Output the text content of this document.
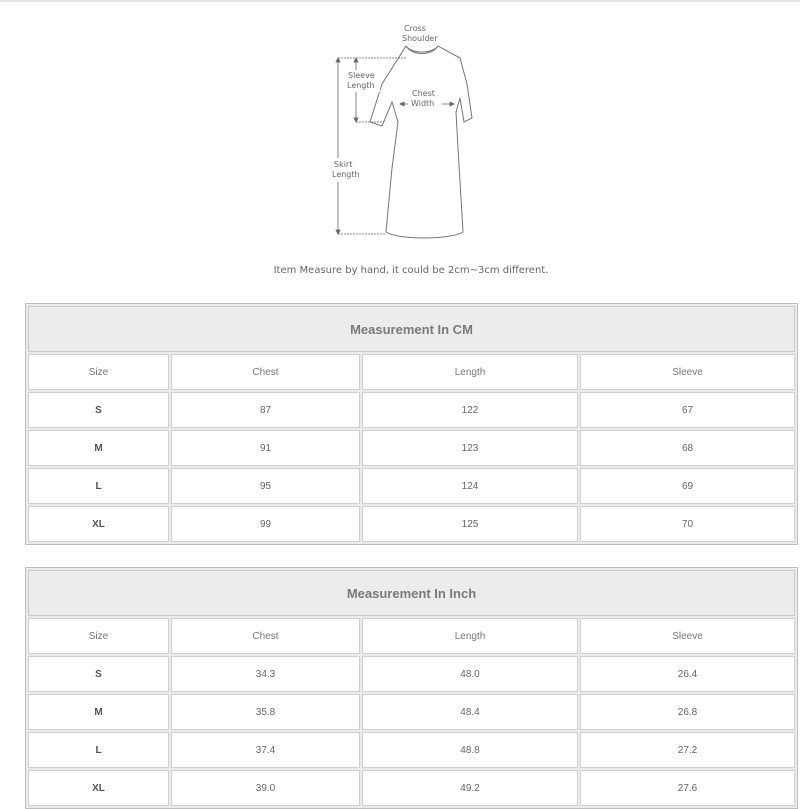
Cross
Shoulder
Sleeve
Length
Chest
Width
Skirt
Length
Item Measure by hand, it could be 2cm~3cm different.
Measurement In CM
Size	Chest	Length	Sleeve
S	87	122	67
M	91	123	68
L	95	124	69
XL	99	125	70
Measurement In Inch
Size	Chest	Length	Sleeve
S	34.3	48.0	26.4
M	35.8	48.4	26.8
L	37.4	48.8	27.2
XL	39.0	49.2	27.6
